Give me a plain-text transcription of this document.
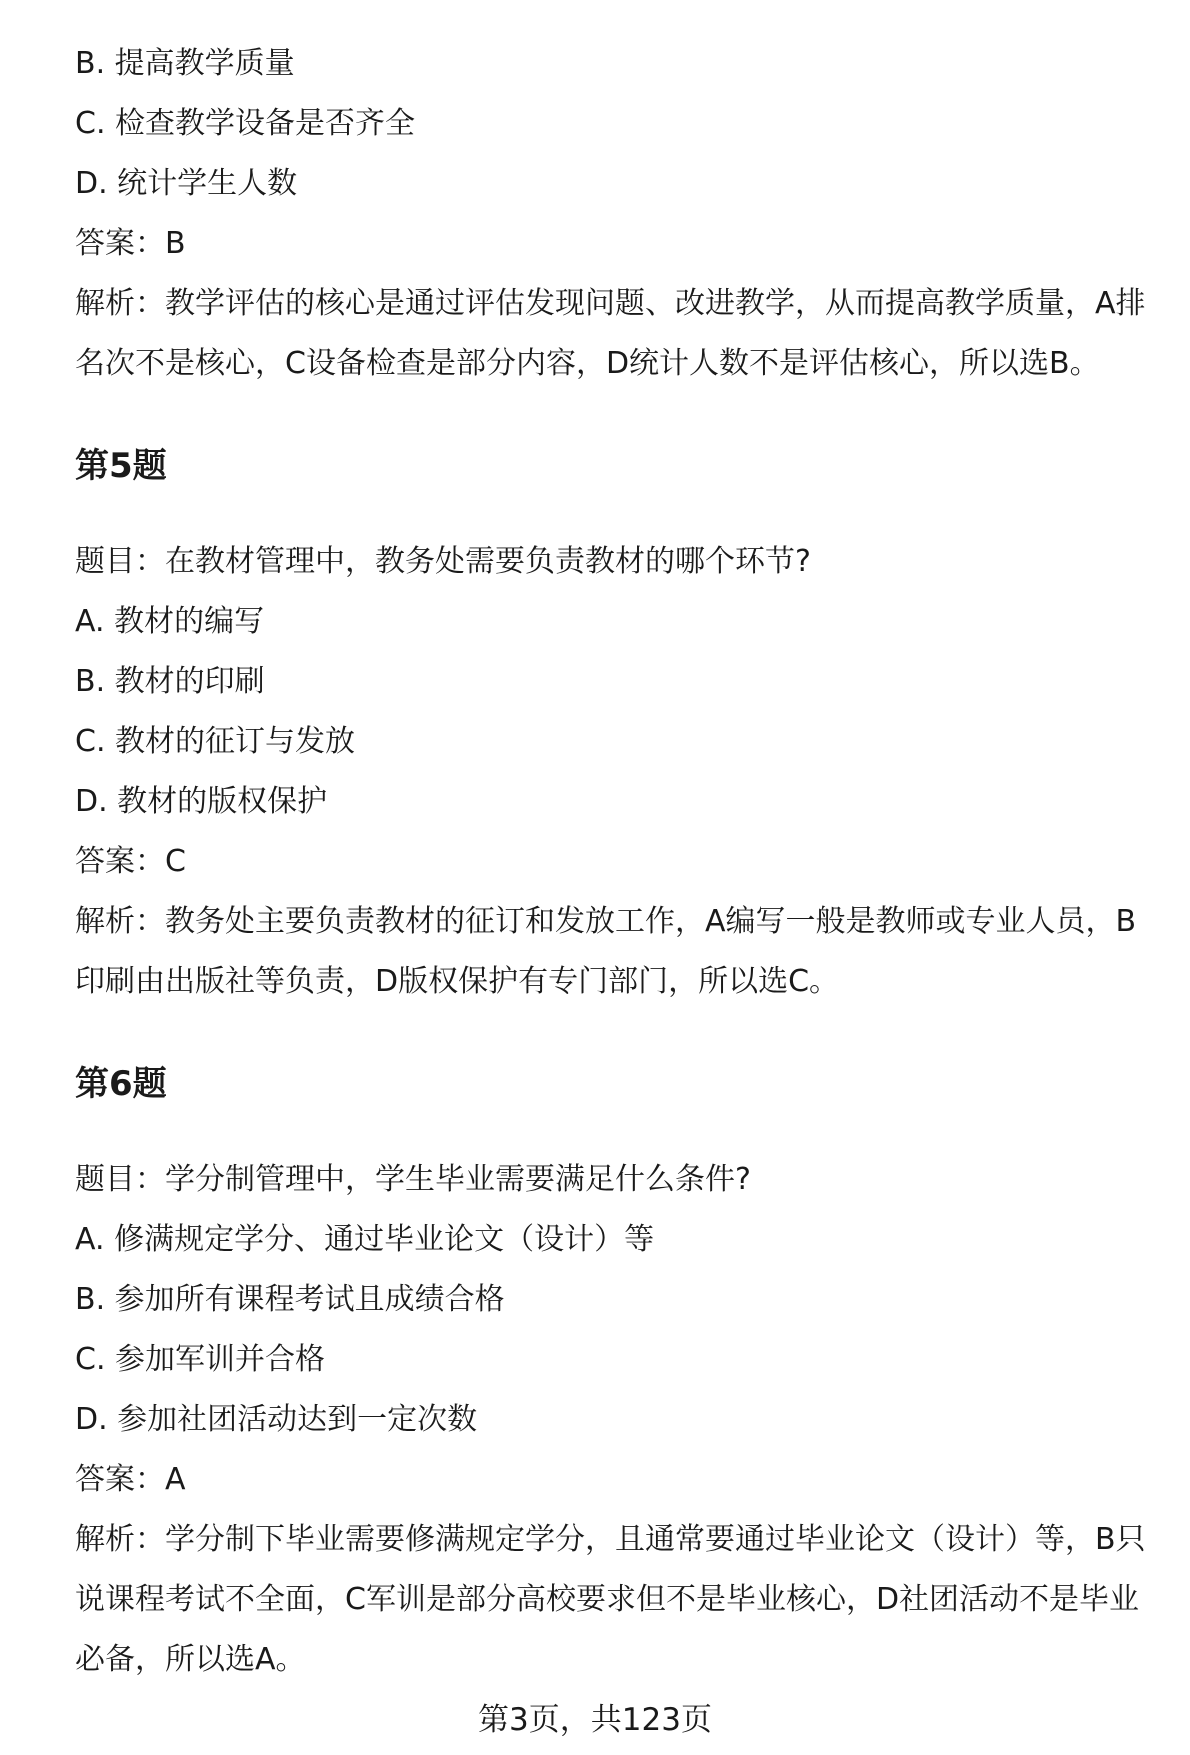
B. 提高教学质量
C. 检查教学设备是否齐全
D. 统计学生人数
答案：B
解析：教学评估的核心是通过评估发现问题、改进教学，从而提高教学质量，A排名次不是核心，C设备检查是部分内容，D统计人数不是评估核心，所以选B。
第5题
题目：在教材管理中，教务处需要负责教材的哪个环节?
A. 教材的编写
B. 教材的印刷
C. 教材的征订与发放
D. 教材的版权保护
答案：C
解析：教务处主要负责教材的征订和发放工作，A编写一般是教师或专业人员，B印刷由出版社等负责，D版权保护有专门部门，所以选C。
第6题
题目：学分制管理中，学生毕业需要满足什么条件?
A. 修满规定学分、通过毕业论文（设计）等
B. 参加所有课程考试且成绩合格
C. 参加军训并合格
D. 参加社团活动达到一定次数
答案：A
解析：学分制下毕业需要修满规定学分，且通常要通过毕业论文（设计）等，B只说课程考试不全面，C军训是部分高校要求但不是毕业核心，D社团活动不是毕业必备，所以选A。
第3页，共123页
